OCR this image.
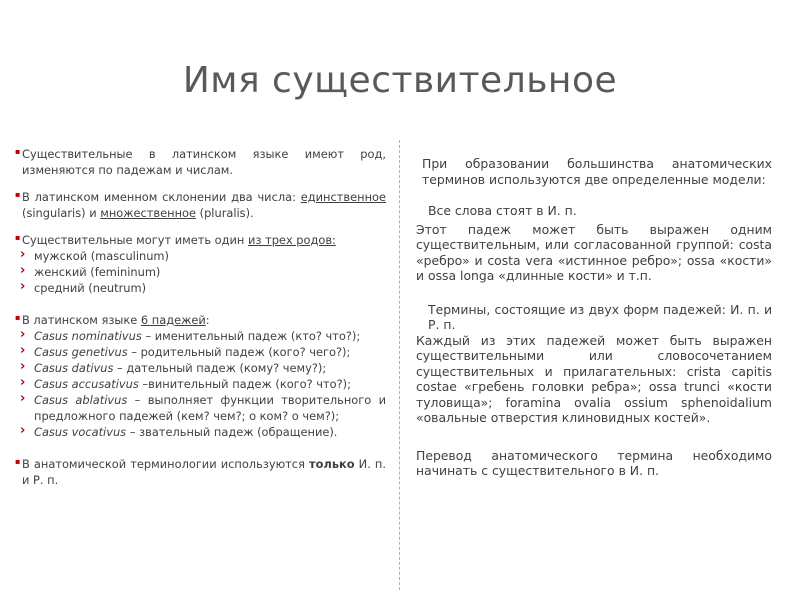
Имя существительное

▪ Существительные в латинском языке имеют род, изменяются по падежам и числам.

▪ В латинском именном склонении два числа: единственное (singularis) и множественное (pluralis).

▪ Существительные могут иметь один из трех родов:

› мужской (masculinum)

› женский (femininum)

› средний (neutrum)

▪ В латинском языке 6 падежей:

› Casus nominativus – именительный падеж (кто? что?);

› Casus genetivus – родительный падеж (кого? чего?);

› Casus dativus – дательный падеж (кому? чему?);

› Casus accusativus –винительный падеж (кого? что?);

› Casus ablativus – выполняет функции творительного и предложного падежей (кем? чем?; о ком? о чем?);

› Casus vocativus – звательный падеж (обращение).

▪ В анатомической терминологии используются только И. п. и Р. п.

При образовании большинства анатомических терминов используются две определенные модели:

Все слова стоят в И. п.

Этот падеж может быть выражен одним существительным, или согласованной группой: costa «ребро» и costa vera «истинное ребро»; ossa «кости» и ossa longa «длинные кости» и т.п.

Термины, состоящие из двух форм падежей: И. п. и Р. п.

Каждый из этих падежей может быть выражен существительными или словосочетанием существительных и прилагательных: crista capitis costae «гребень головки ребра»; ossa trunci «кости туловища»; foramina ovalia ossium sphenoidalium «овальные отверстия клиновидных костей».

Перевод анатомического термина необходимо начинать с существительного в И. п.
